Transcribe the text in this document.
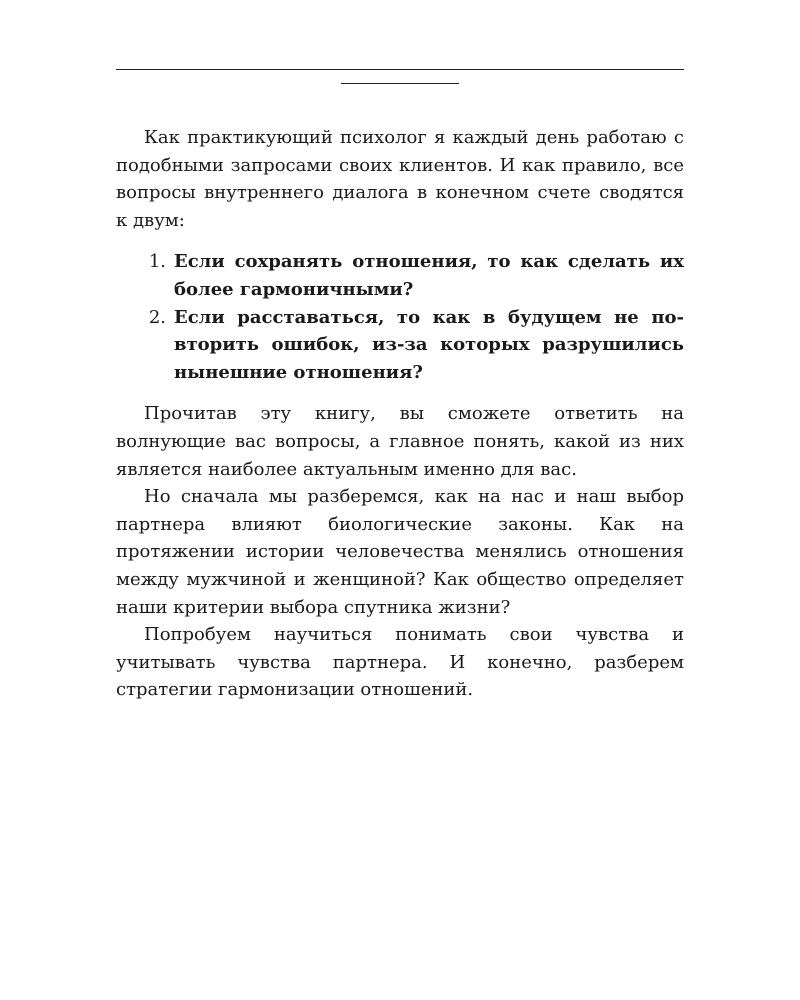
Как практикующий психолог я каждый день работаю с подобными запросами своих клиентов. И как правило, все вопросы внутреннего диалога в конечном счете сводятся к двум:

1. Если сохранять отношения, то как сделать их более гармоничными?
2. Если расставаться, то как в будущем не повторить ошибок, из-за которых разрушились нынешние отношения?

Прочитав эту книгу, вы сможете ответить на волнующие вас вопросы, а главное понять, какой из них является наиболее актуальным именно для вас.

Но сначала мы разберемся, как на нас и наш выбор партнера влияют биологические законы. Как на протяжении истории человечества менялись отношения между мужчиной и женщиной? Как общество определяет наши критерии выбора спутника жизни?

Попробуем научиться понимать свои чувства и учитывать чувства партнера. И конечно, разберем стратегии гармонизации отношений.
